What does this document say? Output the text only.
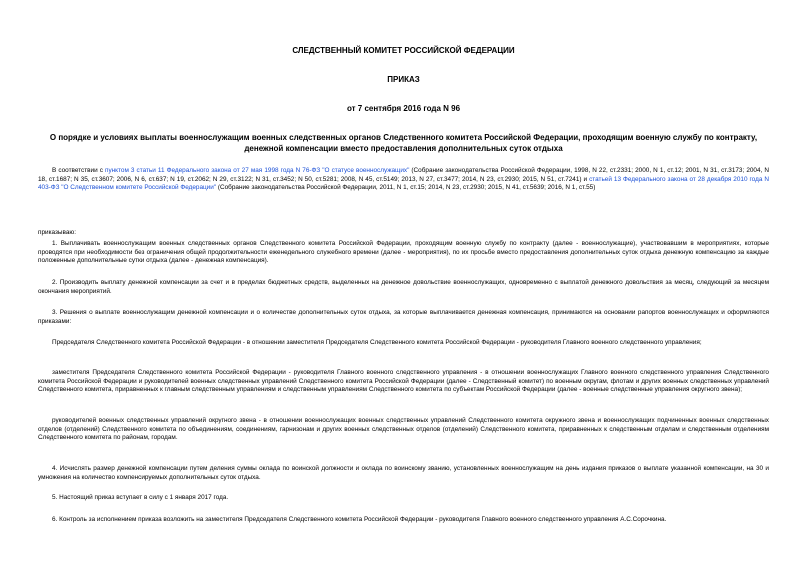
СЛЕДСТВЕННЫЙ КОМИТЕТ РОССИЙСКОЙ ФЕДЕРАЦИИ
ПРИКАЗ
от 7 сентября 2016 года N 96
О порядке и условиях выплаты военнослужащим военных следственных органов Следственного комитета Российской Федерации, проходящим военную службу по контракту, денежной компенсации вместо предоставления дополнительных суток отдыха
В соответствии с пунктом 3 статьи 11 Федерального закона от 27 мая 1998 года N 76-ФЗ "О статусе военнослужащих" (Собрание законодательства Российской Федерации, 1998, N 22, ст.2331; 2000, N 1, ст.12; 2001, N 31, ст.3173; 2004, N 18, ст.1687; N 35, ст.3607; 2006, N 6, ст.637; N 19, ст.2062; N 29, ст.3122; N 31, ст.3452; N 50, ст.5281; 2008, N 45, ст.5149; 2013, N 27, ст.3477; 2014, N 23, ст.2930; 2015, N 51, ст.7241) и статьей 13 Федерального закона от 28 декабря 2010 года N 403-ФЗ "О Следственном комитете Российской Федерации" (Собрание законодательства Российской Федерации, 2011, N 1, ст.15; 2014, N 23, ст.2930; 2015, N 41, ст.5639; 2016, N 1, ст.55)
приказываю:
1. Выплачивать военнослужащим военных следственных органов Следственного комитета Российской Федерации, проходящим военную службу по контракту (далее - военнослужащие), участвовавшим в мероприятиях, которые проводятся при необходимости без ограничения общей продолжительности еженедельного служебного времени (далее - мероприятия), по их просьбе вместо предоставления дополнительных суток отдыха денежную компенсацию за каждые положенные дополнительные сутки отдыха (далее - денежная компенсация).
2. Производить выплату денежной компенсации за счет и в пределах бюджетных средств, выделенных на денежное довольствие военнослужащих, одновременно с выплатой денежного довольствия за месяц, следующий за месяцем окончания мероприятий.
3. Решения о выплате военнослужащим денежной компенсации и о количестве дополнительных суток отдыха, за которые выплачивается денежная компенсация, принимаются на основании рапортов военнослужащих и оформляются приказами:
Председателя Следственного комитета Российской Федерации - в отношении заместителя Председателя Следственного комитета Российской Федерации - руководителя Главного военного следственного управления;
заместителя Председателя Следственного комитета Российской Федерации - руководителя Главного военного следственного управления - в отношении военнослужащих Главного военного следственного управления Следственного комитета Российской Федерации и руководителей военных следственных управлений Следственного комитета Российской Федерации (далее - Следственный комитет) по военным округам, флотам и других военных следственных управлений Следственного комитета, приравненных к главным следственным управлениям и следственным управлениям Следственного комитета по субъектам Российской Федерации (далее - военные следственные управления округного звена);
руководителей военных следственных управлений округного звена - в отношении военнослужащих военных следственных управлений Следственного комитета окружного звена и военнослужащих подчиненных военных следственных отделов (отделений) Следственного комитета по объединениям, соединениям, гарнизонам и других военных следственных отделов (отделений) Следственного комитета, приравненных к следственным отделам и следственным отделениям Следственного комитета по районам, городам.
4. Исчислять размер денежной компенсации путем деления суммы оклада по воинской должности и оклада по воинскому званию, установленных военнослужащим на день издания приказов о выплате указанной компенсации, на 30 и умножения на количество компенсируемых дополнительных суток отдыха.
5. Настоящий приказ вступает в силу с 1 января 2017 года.
6. Контроль за исполнением приказа возложить на заместителя Председателя Следственного комитета Российской Федерации - руководителя Главного военного следственного управления А.С.Сорочкина.
